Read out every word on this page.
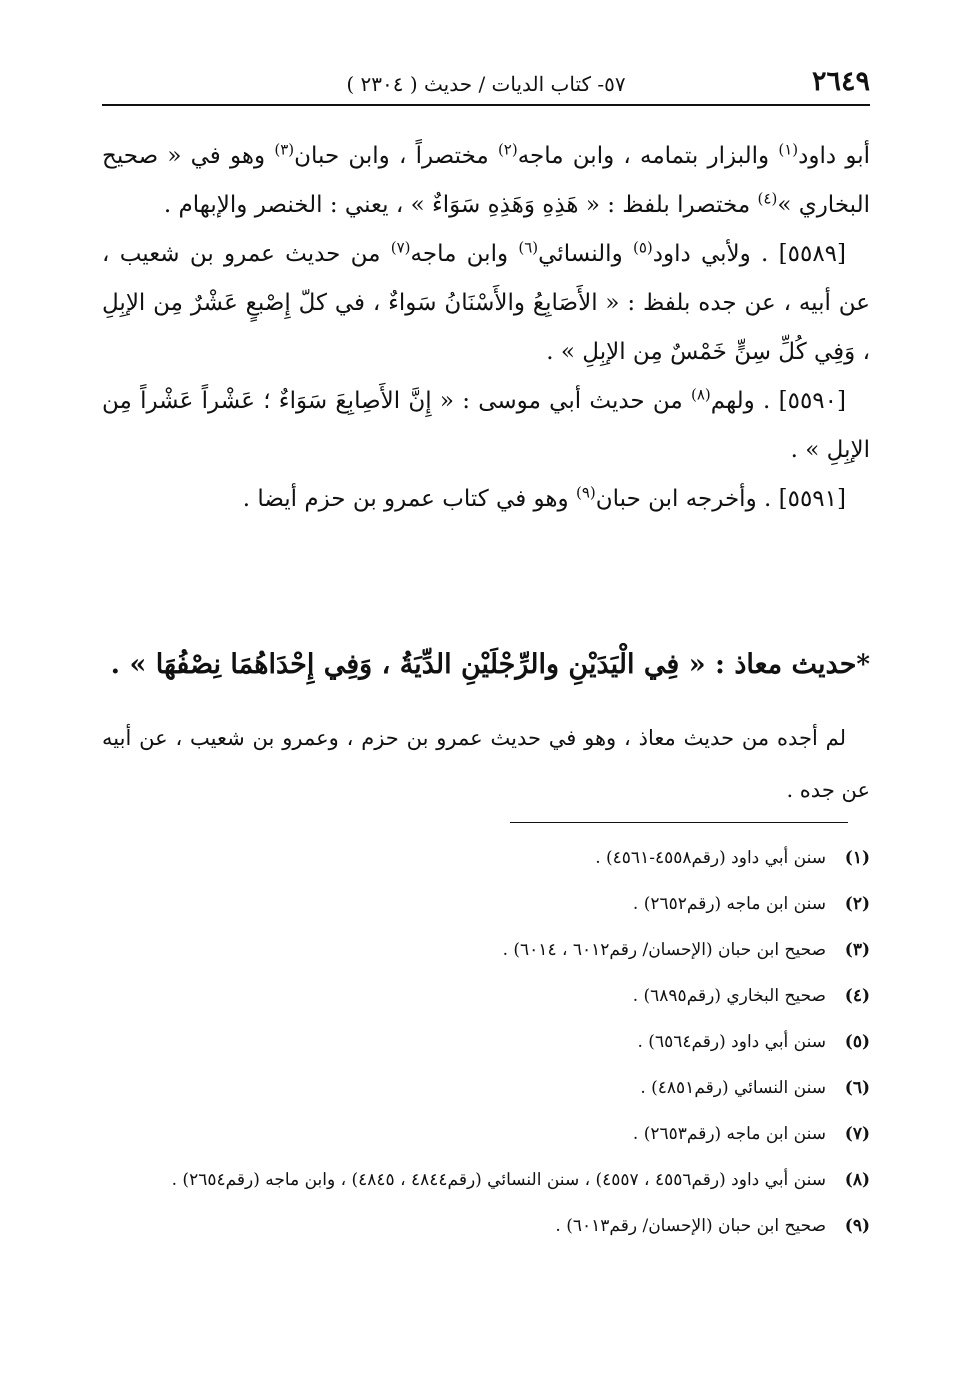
٢٦٤٩
٥٧- كتاب الديات / حديث ( ٢٣٠٤ )

أبو داود$^{(١)}$ والبزار بتمامه ، وابن ماجه$^{(٢)}$ مختصراً ، وابن حبان$^{(٣)}$ وهو في « صحيح البخاري »$^{(٤)}$ مختصرا بلفظ : « هَذِهِ وَهَذِهِ سَوَاءٌ » ، يعني : الخنصر والإبهام .

[٥٥٨٩] . ولأبي داود$^{(٥)}$ والنسائي$^{(٦)}$ وابن ماجه$^{(٧)}$ من حديث عمرو بن شعيب ، عن أبيه ، عن جده بلفظ : « الأَصَابِعُ والأَسْنَانُ سَواءٌ ، في كلّ إِصْبعٍ عَشْرٌ مِن الإبِلِ ، وَفِي كُلِّ سِنٍّ خَمْسٌ مِن الإبِلِ » .

[٥٥٩٠] . ولهم$^{(٨)}$ من حديث أبي موسى : « إِنَّ الأَصِابِعَ سَوَاءٌ ؛ عَشْراً عَشْراً مِن الإبِلِ » .

[٥٥٩١] . وأخرجه ابن حبان$^{(٩)}$ وهو في كتاب عمرو بن حزم أيضا .

*حديث معاذ : « فِي الْيَدَيْنِ والرِّجْلَيْنِ الدِّيَةُ ، وَفِي إِحْدَاهُمَا نِصْفُهَا » .

لم أجده من حديث معاذ ، وهو في حديث عمرو بن حزم ، وعمرو بن شعيب ، عن أبيه عن جده .

(١)
سنن أبي داود (رقم٤٥٥٨-٤٥٦١) .
(٢)
سنن ابن ماجه (رقم٢٦٥٢) .
(٣)
صحيح ابن حبان (الإحسان/ رقم٦٠١٢ ، ٦٠١٤) .
(٤)
صحيح البخاري (رقم٦٨٩٥) .
(٥)
سنن أبي داود (رقم٦٥٦٤) .
(٦)
سنن النسائي (رقم٤٨٥١) .
(٧)
سنن ابن ماجه (رقم٢٦٥٣) .
(٨)
سنن أبي داود (رقم٤٥٥٦ ، ٤٥٥٧) ، سنن النسائي (رقم٤٨٤٤ ، ٤٨٤٥) ، وابن ماجه (رقم٢٦٥٤) .
(٩)
صحيح ابن حبان (الإحسان/ رقم٦٠١٣) .
